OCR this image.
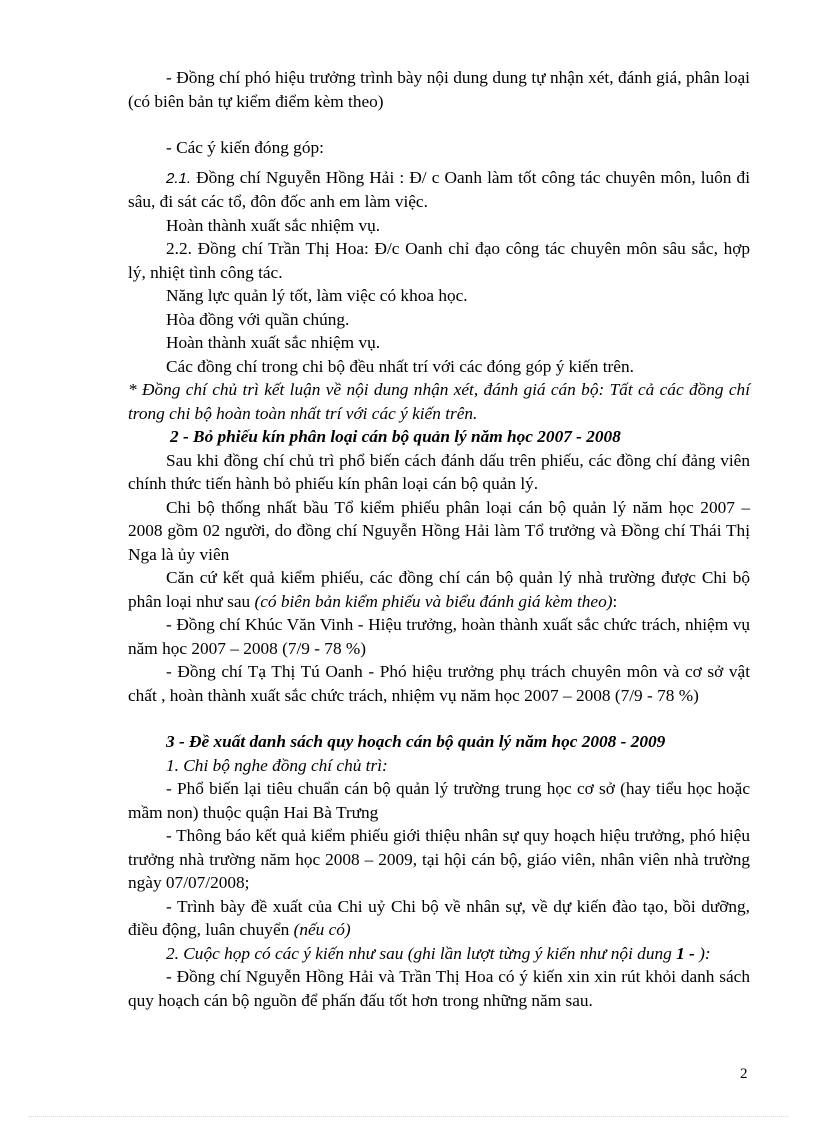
- Đồng chí phó hiệu trưởng trình bày nội dung dung tự nhận xét, đánh giá, phân loại (có biên bản tự kiểm điểm kèm theo)

- Các ý kiến đóng góp:

2.1. Đồng chí Nguyễn Hồng Hải : Đ/ c Oanh làm tốt công tác chuyên môn, luôn đi sâu, đi sát các tổ, đôn đốc anh em làm việc.

Hoàn thành xuất sắc nhiệm vụ.

2.2. Đồng chí Trần Thị Hoa: Đ/c Oanh chỉ đạo công tác chuyên môn sâu sắc, hợp lý, nhiệt tình công tác.

Năng lực quản lý tốt, làm việc có khoa học.

Hòa đồng với quần chúng.

Hoàn thành xuất sắc nhiệm vụ.

Các đồng chí trong chi bộ đều nhất trí với các đóng góp ý kiến trên.

* Đồng chí chủ trì kết luận về nội dung nhận xét, đánh giá cán bộ: Tất cả các đồng chí trong chi bộ hoàn toàn nhất trí với các ý kiến trên.

2 - Bỏ phiếu kín phân loại cán bộ quản lý năm học 2007 - 2008

Sau khi đồng chí chủ trì phổ biến cách đánh dấu trên phiếu, các đồng chí đảng viên chính thức tiến hành bỏ phiếu kín phân loại cán bộ quản lý.

Chi bộ thống nhất bầu Tổ kiểm phiếu phân loại cán bộ quản lý năm học 2007 – 2008 gồm 02 người, do đồng chí Nguyễn Hồng Hải làm Tổ trưởng và Đồng chí Thái Thị Nga là ủy viên

Căn cứ kết quả kiểm phiếu, các đồng chí cán bộ quản lý nhà trường được Chi bộ phân loại như sau (có biên bản kiểm phiếu và biểu đánh giá kèm theo):

- Đồng chí Khúc Văn Vinh - Hiệu trưởng, hoàn thành xuất sắc chức trách, nhiệm vụ năm học 2007 – 2008 (7/9 - 78 %)

- Đồng chí Tạ Thị Tú Oanh - Phó hiệu trưởng phụ trách chuyên môn và cơ sở vật chất , hoàn thành xuất sắc chức trách, nhiệm vụ năm học 2007 – 2008 (7/9 - 78 %)

3 - Đề xuất danh sách quy hoạch cán bộ quản lý năm học 2008 - 2009

1. Chi bộ nghe đồng chí chủ trì:

- Phổ biến lại tiêu chuẩn cán bộ quản lý trường trung học cơ sở (hay tiểu học hoặc mầm non) thuộc quận Hai Bà Trưng

- Thông báo kết quả kiểm phiếu giới thiệu nhân sự quy hoạch hiệu trưởng, phó hiệu trưởng nhà trường năm học 2008 – 2009, tại hội cán bộ, giáo viên, nhân viên nhà trường ngày 07/07/2008;

- Trình bày đề xuất của Chi uỷ Chi bộ về nhân sự, về dự kiến đào tạo, bồi dưỡng, điều động, luân chuyển (nếu có)

2. Cuộc họp có các ý kiến như sau (ghi lần lượt từng ý kiến như nội dung 1 - ):

- Đồng chí Nguyễn Hồng Hải và Trần Thị Hoa có ý kiến xin xin rút khỏi danh sách quy hoạch cán bộ nguồn để phấn đấu tốt hơn trong những năm sau.

2
